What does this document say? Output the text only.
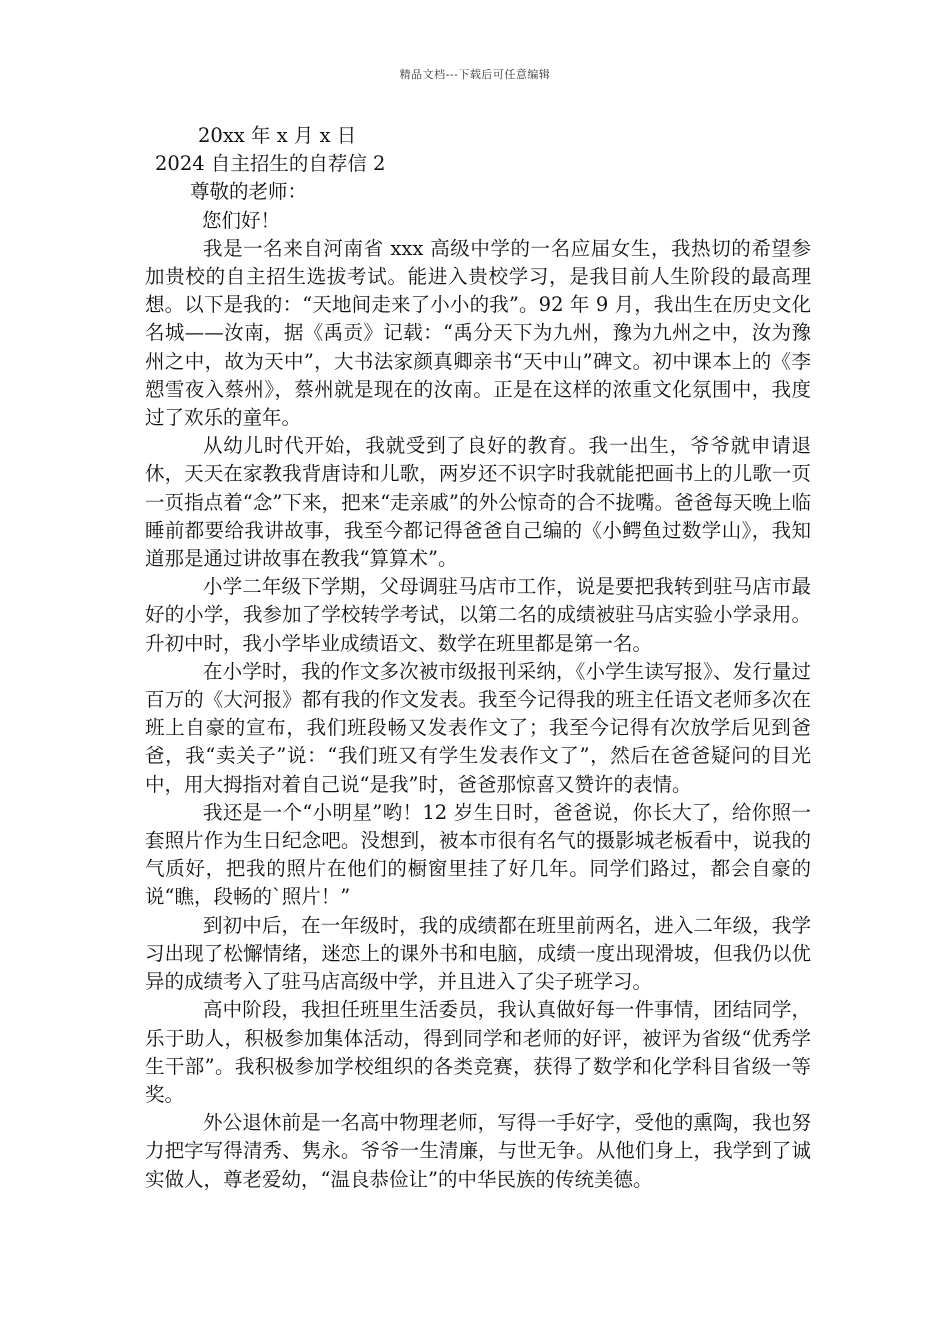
精品文档---下载后可任意编辑

20xx 年 x 月 x 日

2024 自主招生的自荐信 2

尊敬的老师：

您们好！

我是一名来自河南省 xxx 高级中学的一名应届女生，我热切的希望参加贵校的自主招生选拔考试。能进入贵校学习，是我目前人生阶段的最高理想。以下是我的：“天地间走来了小小的我”。92 年 9 月，我出生在历史文化名城——汝南，据《禹贡》记载：“禹分天下为九州，豫为九州之中，汝为豫州之中，故为天中”，大书法家颜真卿亲书“天中山”碑文。初中课本上的《李愬雪夜入蔡州》，蔡州就是现在的汝南。正是在这样的浓重文化氛围中，我度过了欢乐的童年。

从幼儿时代开始，我就受到了良好的教育。我一出生，爷爷就申请退休，天天在家教我背唐诗和儿歌，两岁还不识字时我就能把画书上的儿歌一页一页指点着“念”下来，把来“走亲戚”的外公惊奇的合不拢嘴。爸爸每天晚上临睡前都要给我讲故事，我至今都记得爸爸自己编的《小鳄鱼过数学山》，我知道那是通过讲故事在教我“算算术”。

小学二年级下学期，父母调驻马店市工作，说是要把我转到驻马店市最好的小学，我参加了学校转学考试，以第二名的成绩被驻马店实验小学录用。升初中时，我小学毕业成绩语文、数学在班里都是第一名。

在小学时，我的作文多次被市级报刊采纳，《小学生读写报》、发行量过百万的《大河报》都有我的作文发表。我至今记得我的班主任语文老师多次在班上自豪的宣布，我们班段畅又发表作文了；我至今记得有次放学后见到爸爸，我“卖关子”说：“我们班又有学生发表作文了”，然后在爸爸疑问的目光中，用大拇指对着自己说“是我”时，爸爸那惊喜又赞许的表情。

我还是一个“小明星”哟！12 岁生日时，爸爸说，你长大了，给你照一套照片作为生日纪念吧。没想到，被本市很有名气的摄影城老板看中，说我的气质好，把我的照片在他们的橱窗里挂了好几年。同学们路过，都会自豪的说“瞧，段畅的`照片！”

到初中后，在一年级时，我的成绩都在班里前两名，进入二年级，我学习出现了松懈情绪，迷恋上的课外书和电脑，成绩一度出现滑坡，但我仍以优异的成绩考入了驻马店高级中学，并且进入了尖子班学习。

高中阶段，我担任班里生活委员，我认真做好每一件事情，团结同学，乐于助人，积极参加集体活动，得到同学和老师的好评，被评为省级“优秀学生干部”。我积极参加学校组织的各类竞赛，获得了数学和化学科目省级一等奖。

外公退休前是一名高中物理老师，写得一手好字，受他的熏陶，我也努力把字写得清秀、隽永。爷爷一生清廉，与世无争。从他们身上，我学到了诚实做人，尊老爱幼，“温良恭俭让”的中华民族的传统美德。
